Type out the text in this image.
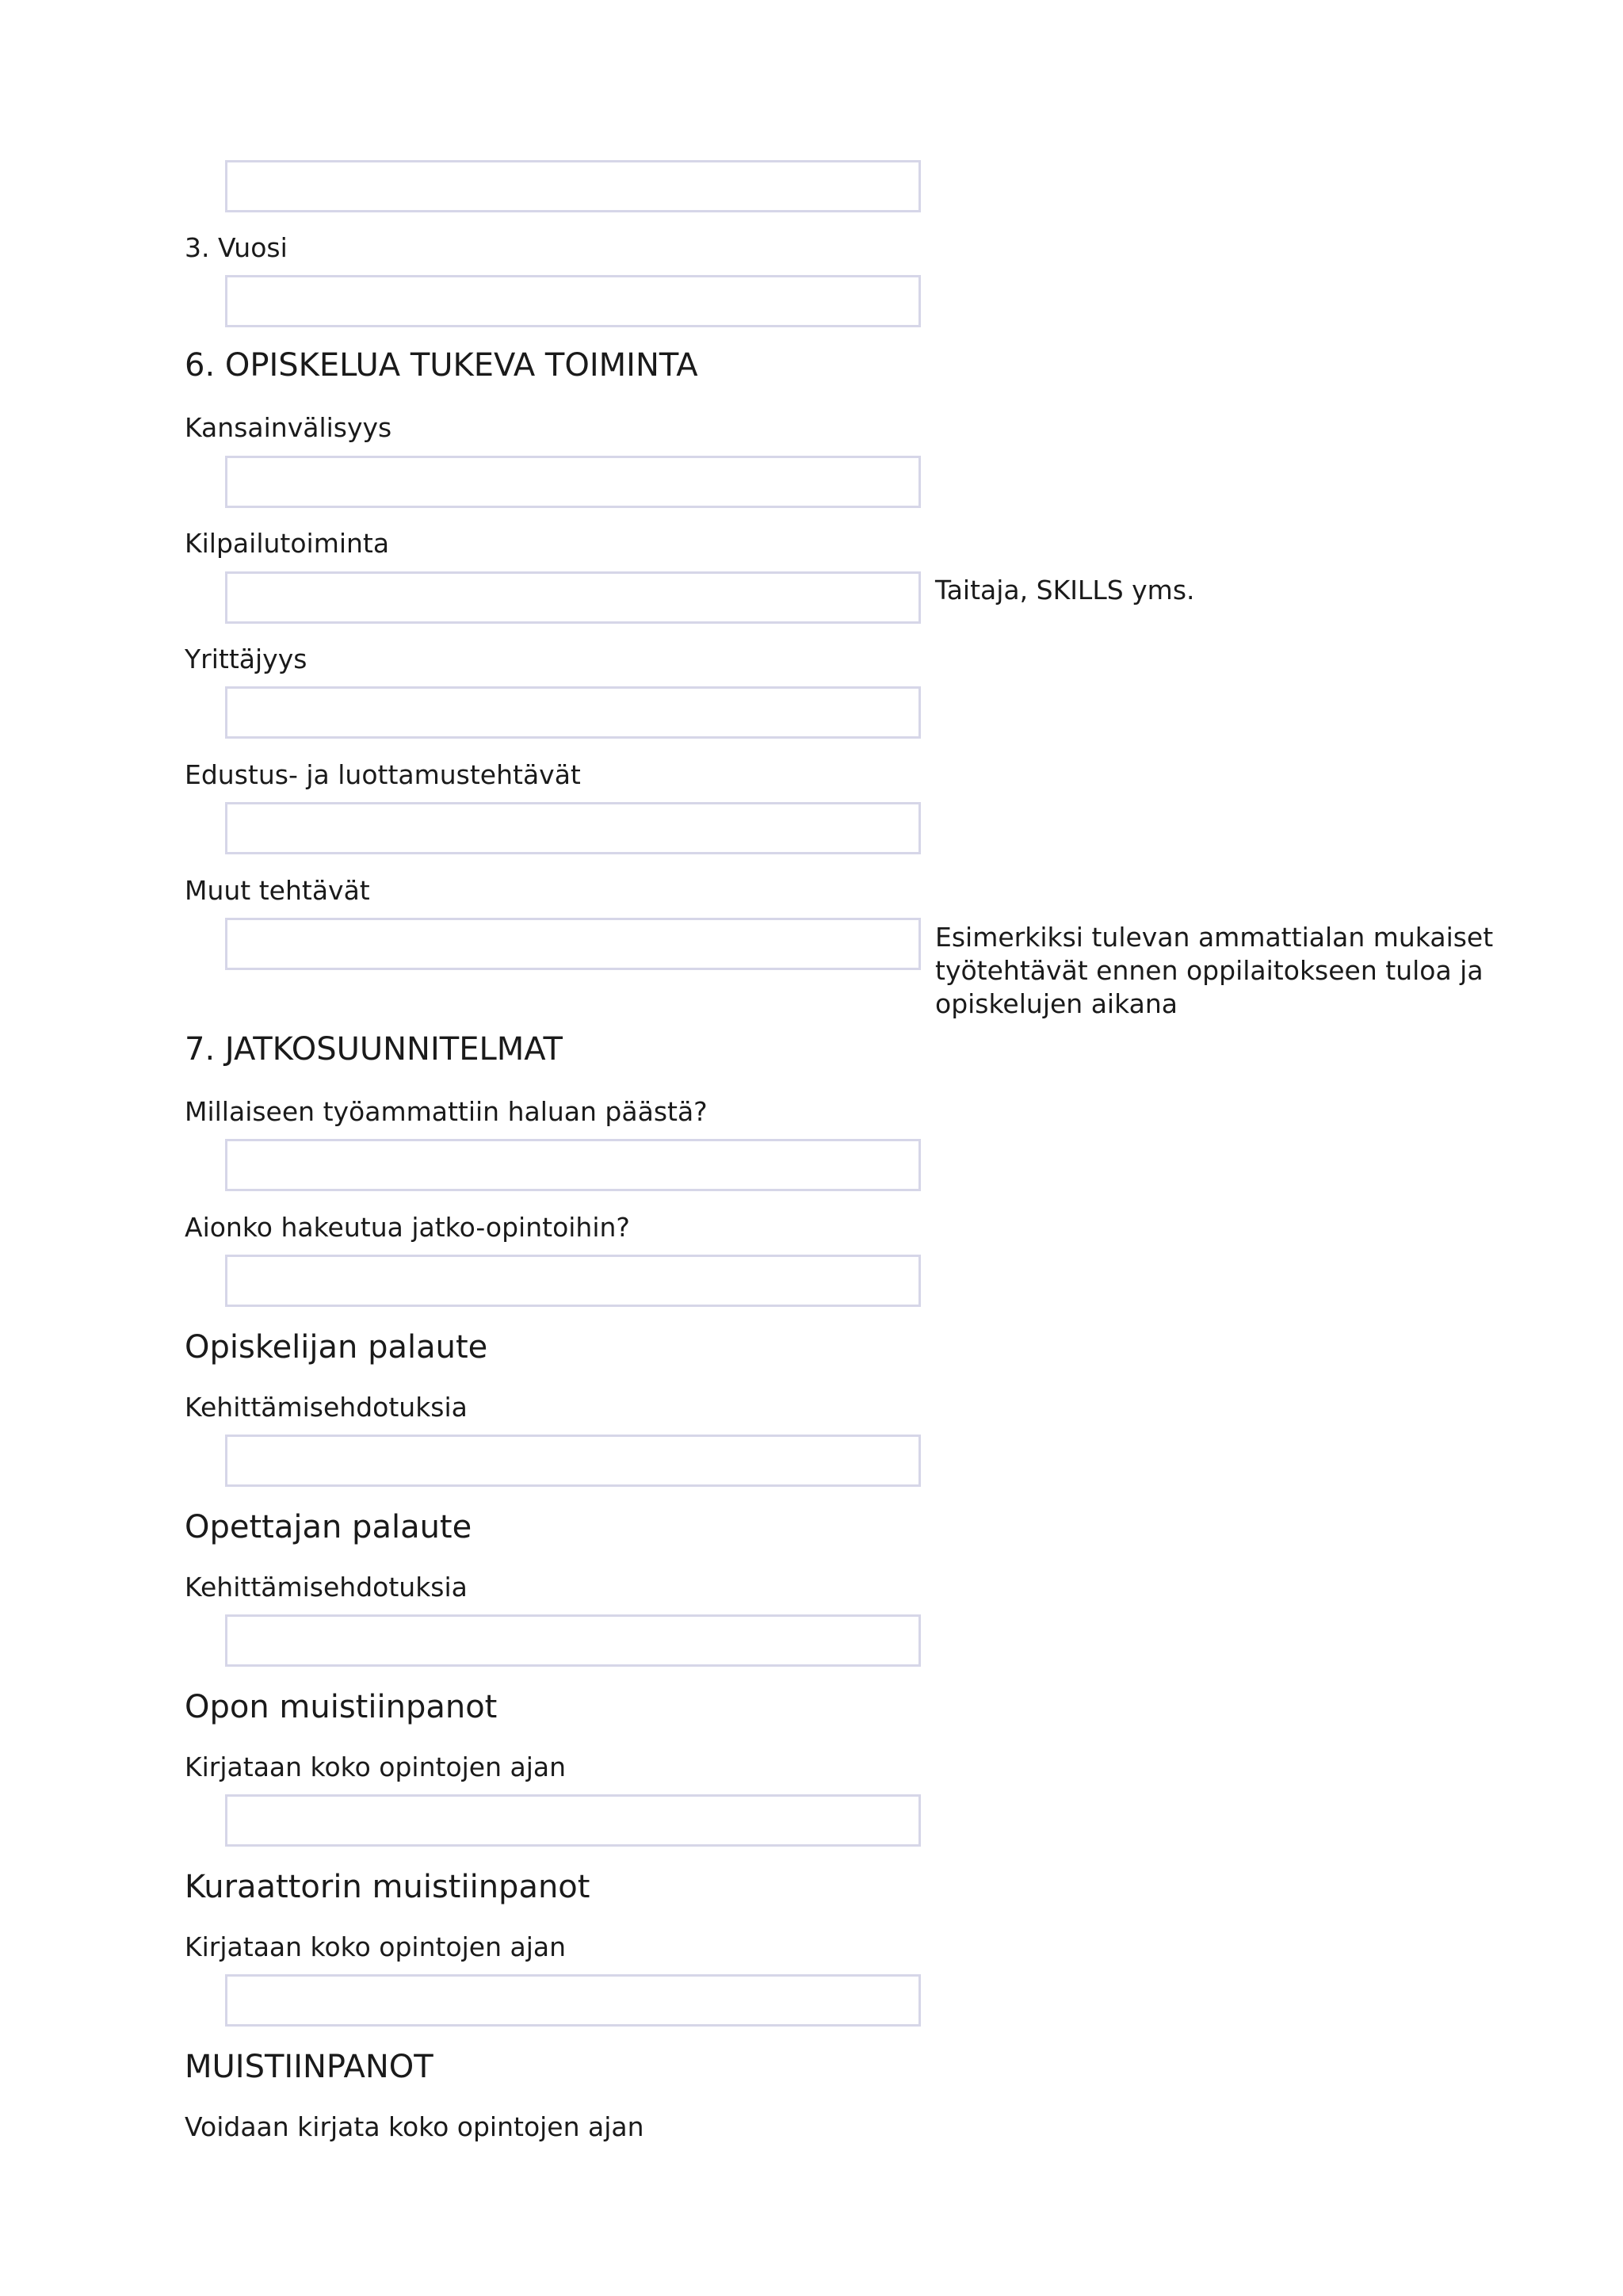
3. Vuosi
6. OPISKELUA TUKEVA TOIMINTA
Kansainvälisyys
Kilpailutoiminta
Taitaja, SKILLS yms.
Yrittäjyys
Edustus- ja luottamustehtävät
Muut tehtävät
Esimerkiksi tulevan ammattialan mukaiset
työtehtävät ennen oppilaitokseen tuloa ja
opiskelujen aikana
7. JATKOSUUNNITELMAT
Millaiseen työammattiin haluan päästä?
Aionko hakeutua jatko-opintoihin?
Opiskelijan palaute
Kehittämisehdotuksia
Opettajan palaute
Kehittämisehdotuksia
Opon muistiinpanot
Kirjataan koko opintojen ajan
Kuraattorin muistiinpanot
Kirjataan koko opintojen ajan
MUISTIINPANOT
Voidaan kirjata koko opintojen ajan
